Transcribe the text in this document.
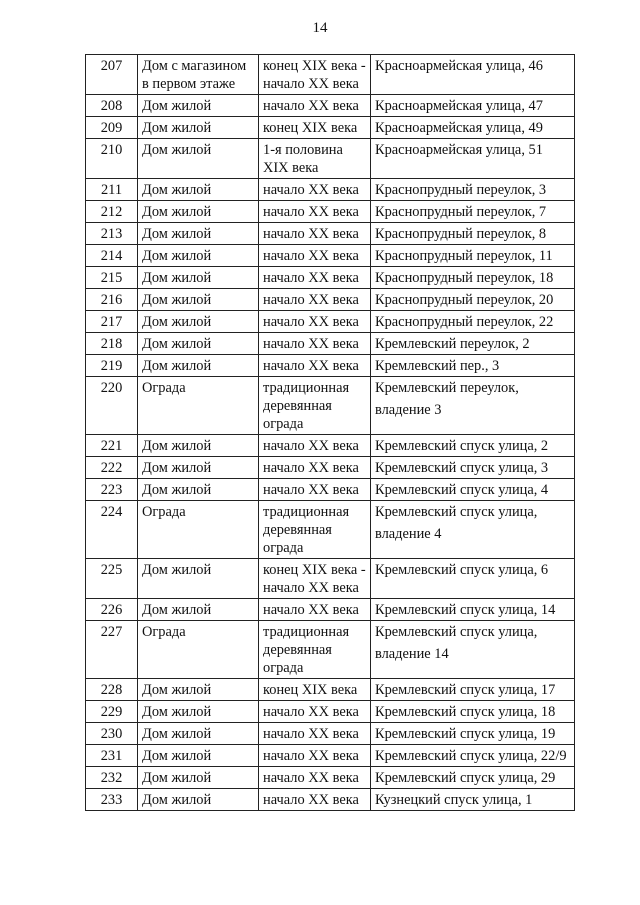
14
207	Дом с магазином в первом этаже	конец XIX века - начало XX века	Красноармейская улица, 46
208	Дом жилой	начало XX века	Красноармейская улица, 47
209	Дом жилой	конец XIX века	Красноармейская улица, 49
210	Дом жилой	1-я половина XIX века	Красноармейская улица, 51
211	Дом жилой	начало XX века	Краснопрудный переулок, 3
212	Дом жилой	начало XX века	Краснопрудный переулок, 7
213	Дом жилой	начало XX века	Краснопрудный переулок, 8
214	Дом жилой	начало XX века	Краснопрудный переулок, 11
215	Дом жилой	начало XX века	Краснопрудный переулок, 18
216	Дом жилой	начало XX века	Краснопрудный переулок, 20
217	Дом жилой	начало XX века	Краснопрудный переулок, 22
218	Дом жилой	начало XX века	Кремлевский переулок, 2
219	Дом жилой	начало XX века	Кремлевский пер., 3
220	Ограда	традиционная деревянная ограда	Кремлевский переулок,
владение 3

221	Дом жилой	начало XX века	Кремлевский спуск улица, 2
222	Дом жилой	начало XX века	Кремлевский спуск улица, 3
223	Дом жилой	начало XX века	Кремлевский спуск улица, 4
224	Ограда	традиционная деревянная ограда	Кремлевский спуск улица,
владение 4

225	Дом жилой	конец XIX века - начало XX века	Кремлевский спуск улица, 6
226	Дом жилой	начало XX века	Кремлевский спуск улица, 14
227	Ограда	традиционная деревянная ограда	Кремлевский спуск улица,
владение 14

228	Дом жилой	конец XIX века	Кремлевский спуск улица, 17
229	Дом жилой	начало XX века	Кремлевский спуск улица, 18
230	Дом жилой	начало XX века	Кремлевский спуск улица, 19
231	Дом жилой	начало XX века	Кремлевский спуск улица, 22/9
232	Дом жилой	начало XX века	Кремлевский спуск улица, 29
233	Дом жилой	начало XX века	Кузнецкий спуск улица, 1
